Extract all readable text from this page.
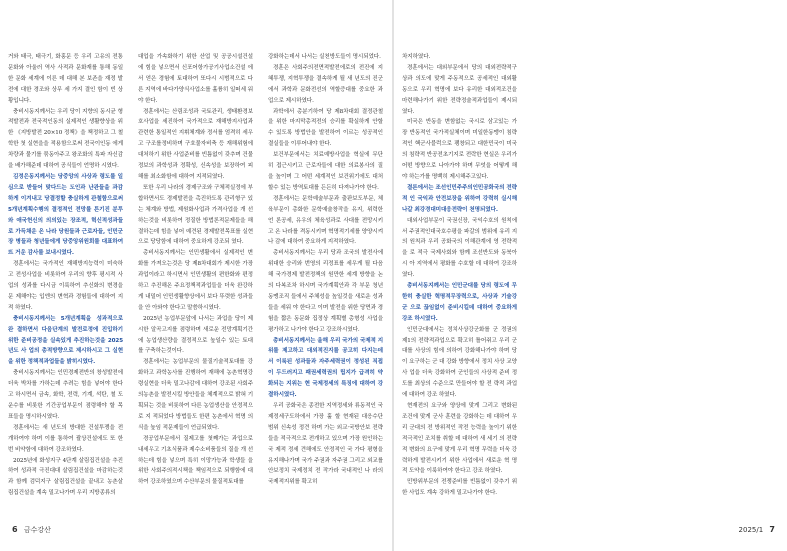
거와 태극, 태극기, 화홍문 등 우리 고유의 전통문화와 아울러 역사 사적과 문화재를 통해 동일한 문화 세계에 이른 데 대해 본 보존을 재정 발전에 대한 경조와 상무 세 가지 결인 함이 빈 상황입니다.

충비시동지께서는 우리 당이 지향의 동시균 형적발전과 전국적인동의 실제적인 생활향상을 위한 《지방발전 20×10 정책》을 책정하고 그 철학한 첫 실현을을 적용함으로써 전국이인동 에게 차량과 물기를 묶동아주고 왕조화의 특파 자신감을 배가해준데 대하여 공식들이 언명하 시였다.

김정은동지께서는 당중앙의 사상과 령도를 일 심으로 받들어 맞다드는 도인과 난관들을 과감 하게 이겨내고 당결정할 충실하게 관철함으로써 5개년계획수행의 결정적인 전망를 튼기진 분투 와 애국헌신의 의의있는 장조적, 혁신적성과들로 가득채운 온 나라 당원들과 근로자들, 인민군장 병들과 청년들에게 당중앙위원회를 대표하여 뜨 거운 감사를 보내시였다.

경훈에서는 국가적인 재해방지능력이 미숙하 고 전성사업을 비롯하여 우리의 향후 평시적 사 업의 성과를 다시금 이룩하여 추신화의 변경을 문 제해야는 입엔의 변혁과 경험들에 대하여 지적 하였다.

충비시동지께서는 5개년계획을 성과적으로 완 결하면서 다음단계의 발전로정에 진입하기 위한 준비공정을 실속있게 추진하는것을 2025년도 사 업의 총적방향으로 제시하시고 그 실현을 위한 정책적과업들을 밝히시였다.

충비시동지께서는 인민경제전반의 창성발전에 더욱 박차를 가하는데 추려는 힘을 넣어야 한다 고 하시면서 금속, 화학, 전력, 기계, 석탄, 철 도운수를 비롯한 기간공업부문이 점령해야 할 목 표들을 명시하시였다.

경훈에서는 새 년도의 방대한 건설투쟁을 전 개하여야 하며 이를 통하여 괄상건설에도 또 한 번 비약함에 대하여 강조하였다.

2025년에 화성지구 4단계 살림집건설을 추진 하여 성과적 극진대대 살림집건설을 마감하는것 과 함께 검덕지구 살림집건설을 끝내고 농촌살 림집건설을 계속 밀고나가며 우리 지방종류의

대업을 가속화하기 위한 산업 및 공공시설건설 에 힘을 넣으면서 신포어항가공기사업소건설 에서 얻은 경험에 토대하여 또다시 시범적으로 다른 지역에 바다가양식사업소를 훌륭히 일떠세 워야 한다.

경훈에서는 산림조성과 국토관리, 생태환경보 호사업을 세진하여 국가적으로 재해방지사업과 관련한 통일적인 지휘체계와 정서를 엄격히 세우 고 구조를정비하며 구호물자비축 등 재해위험에 대처하기 위한 사업준비를 빈틈없이 갖추며 건물 정보의 과학성과 정확성, 신속성을 보장하여 피 해를 최소화함에 대하여 지적되였다.

또한 우리 나라의 경제구조와 구체적실정에 부합하면서도 경제발전을 촉진하도록 관리형구 있는 체계와 방법, 제원화사업과 가격사업을 개 선하는것을 비롯하여 정질한 방법론적문제들을 해결하는데 힘을 넣어 예견된 경제발전목표를 실현으로 당당함에 대하여 중요하게 강조되 였다.

총비서동지께서는 인민생활에서 실제적인 변 화를 가져오는것은 당 제8차대회가 제시한 가장 과업이라고 하시면서 인민생활의 편한화와 편정 하고 추진해온 주요정책적과업들을 더욱 완강하 게 내밀어 인민생활향상에서 보다 뚜렷한 성과들을 안 아와야 한다고 말씀하시였다.

2025년 농업부문앞에 나서는 과업을 당이 제 시한 알곡고지를 점령하며 새로운 전망계획기간 에 농업생산량을 결정적으로 높일수 있는 토대 를 구축하는것이다.

경훈에서는 농업부문의 물질기술적토대를 강 화하고 과학농사를 진행하여 재해에 농촌혁명강 령실현을 더욱 밀고나감에 대하여 강조된 사회주의농촌을 발전시킬 방안들을 체계적으로 밝혀 기획되는 것을 비롯하여 다른 농업생산을 안정적으로 지 적되었다 방법들도 한편 농촌에서 혁명 의식을 높임 적문제들이 언급되였다.

경공업부문에서 질제고를 첫째가는 과업으로 내세우고 기초식품과 제수소비품들의 질을 개 선하는데 힘을 넣으며 특히 이망가능과 학생들 을 위한 사회주의적시책을 책임적으로 되행함에 대하여 강조하였으며 수산부문의 물질적토대를

강화하는데서 나서는 실천방도들이 명시되었다.

경훈은 사회주의전면적발전에로의 전진에 지 혜투쟁, 지혁투쟁을 결속하게 될 새 년도의 진군 에서 과학과 문화전선의 역할증대를 중요한 과 업으로 제시하였다.

과학에서 총분기하여 당 제8차대회 결정관철 을 위한 마지막총적전의 승리를 확실하게 안할 수 있도록 방법안을 발전하여 이르는 성공적인 결실들을 이루어내야 한다.

보건부문에서는 치료예방사업을 혁실에 무단 히 접근시키고 근로자들에 대한 의료봉사의 질 을 높이며 그 어떤 세계적인 보건위기에도 대처 할수 있는 방역토대를 든든히 다져나가야 한다.

경훈에서는 문학예술부문과 출판보도부문, 체 육부문이 총화한 문학예술창작을 유지, 위력한 언 론공세, 유우의 체육성과로 사대를 전망시키고 온 나라를 격동시키며 혁명적기세를 양양시켜나 감에 대하여 중요하게 지적하였다.

총비서동지께서는 우리 당과 조국의 발전사에 위대한 승리와 번영의 리정표를 세우게 될 다음 해 국가경제 발전정책의 원만한 세계 방향을 논의 다복조차 하시며 국가계획안과 각 부문 청년동맹조직 들에서 주체성을 높일것을 새로운 성과들을 세워 야 한다고 이며 발전을 위한 당면과 경험을 짧은 동문화 집정상 계획별 총형성 사업을 평가하고 나가야 한다고 강조하시였다.

총비서동지께서는 올해 우리 국가의 국제적 지위를 제고하고 대외적진지를 공고히 다지는데 서 이룩된 성과들과 자주세력권이 정성된 직접 이 두드러지고 패권세력권의 립지가 급격히 약 화되는 지위는 현 국제정세의 특징에 대하여 강 결하시였다.

우리 공화국은 종전한 지역정세와 류동적인 국제정세구도하에서 가장 훌 할 현재된 대응수단 범위 신속성 정견 하며 가는 외교·국방안보 전략들을 적극적으로 전개하고 있으며 가장 원인하는 국 제적 정세 견해에도 안정적인 국 가다 평형을 유지해나가며 국가 주권과 자주권 그리고 외교를 안보정치 국제정치 전 작가라 국내적인 나 라의 국제적지위를 확고히

6 금수강산

차지하였다.

경훈에서는 대외부문에서 당의 대외전략적구 상과 의도에 맞게 주동적으로 공세적인 대외활 동으로 우리 혁명에 보다 유리한 대외적조건을 마련해나가기 위한 전략정술적과업들이 제시되 였다.

미국은 반동을 변함없는 국시로 삼고있는 가 장 반동적인 국가적실체이며 미일한동맹이 침략 적인 핵군사블럭으로 팽창되고 대한민국이 미국 의 침략적 반공전초기지로 전락한 현실은 우리가 어떤 방향으로 나아가야 하며 무엇을 어떻게 해 야 하는가를 명백히 제시해주고있다.

결론에서는 조선인민주주의인민공화국의 전략적 인 국익과 안전보장을 위하여 강력히 실시해나갈 최강경대미대응전략이 천명되였다.

대외사업부문이 국권신장, 국익수호의 원칙에 서 주권적인대국호수평을 파갈의 범위에 유리 지 의 원칙과 우리 공화국의 이해관계에 영 전략적 을 로 적극 국제사회와 함께 조선반도와 동북아 시 아 지역에서 평화를 수호할 데 대하여 강조하였다.

총비서동지께서는 인민군대를 당의 령도에 무 한히 충실한 혁명적무장력으로, 사상과 기술강군 으로 끊임없이 준비시킬데 대하여 중요하게 강조 하시였다.

인민군대에서는 정치사상강군화를 군 정권의 제1의 전략적과업으로 확고히 틀어쥐고 우리 군 대를 사상의 힘에 의하여 강화해나가야 하며 당 이 요구하는 군 대 강화 방향에서 정치 사상 교양사 업을 더욱 강화하여 군인들의 사상적 준비 정도를 최상의 수준으로 만들어야 할 전 략적 과업에 대하여 강조 하였다.

현재전의 요구와 양상에 맞게 그리고 변화된 조건에 맞게 군사 훈련을 강화하는 데 대하여 우리 군대의 전 방위적인 작전 능력을 높이기 위한 적극적인 조치를 취할 데 대하여 새 세기 의 전략적 변화의 요구에 맞게 우리 혁명 무력을 더욱 강력하게 발전시키기 위한 사업에서 새로운 혁 명적 도약을 이룩하여야 한다고 강조 하였다.

민방위부문의 전쟁준비를 빈틈없이 갖추기 위 한 사업도 계속 강하게 밀고나가야 한다.

2025/1 7
